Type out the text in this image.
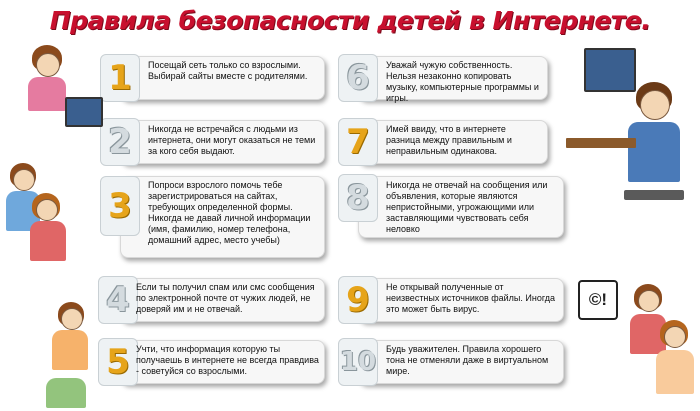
Правила безопасности детей в Интернете.
1	Посещай сеть только со взрослыми. Выбирай сайты вместе с родителями.
2	Никогда не встречайся с людьми из интернета, они могут оказаться не теми за кого себя выдают.
3
Попроси взрослого помочь тебе зарегистрироваться на сайтах, требующих определенной формы. Никогда не давай личной информации (имя, фамилию, номер телефона, домашний адрес, место учебы)
4 Если ты получил спам или смс сообщения по электронной почте от чужих людей, не доверяй им и не отвечай.
5 Учти, что информация которую ты получаешь в интернете не всегда правдива - советуйся со взрослыми.
6	Уважай чужую собственность. Нельзя незаконно копировать музыку, компьютерные программы и игры.
7	Имей ввиду, что в интернете разница между правильным и неправильным одинакова.
8	Никогда не отвечай на сообщения или объявления, которые являются непристойными, угрожающими или заставляющими чувствовать себя неловко
9	Не открывай полученные от неизвестных источников файлы. Иногда это может быть вирус.
10 Будь уважителен. Правила хорошего тона не отменяли даже в виртуальном мире.
©!
